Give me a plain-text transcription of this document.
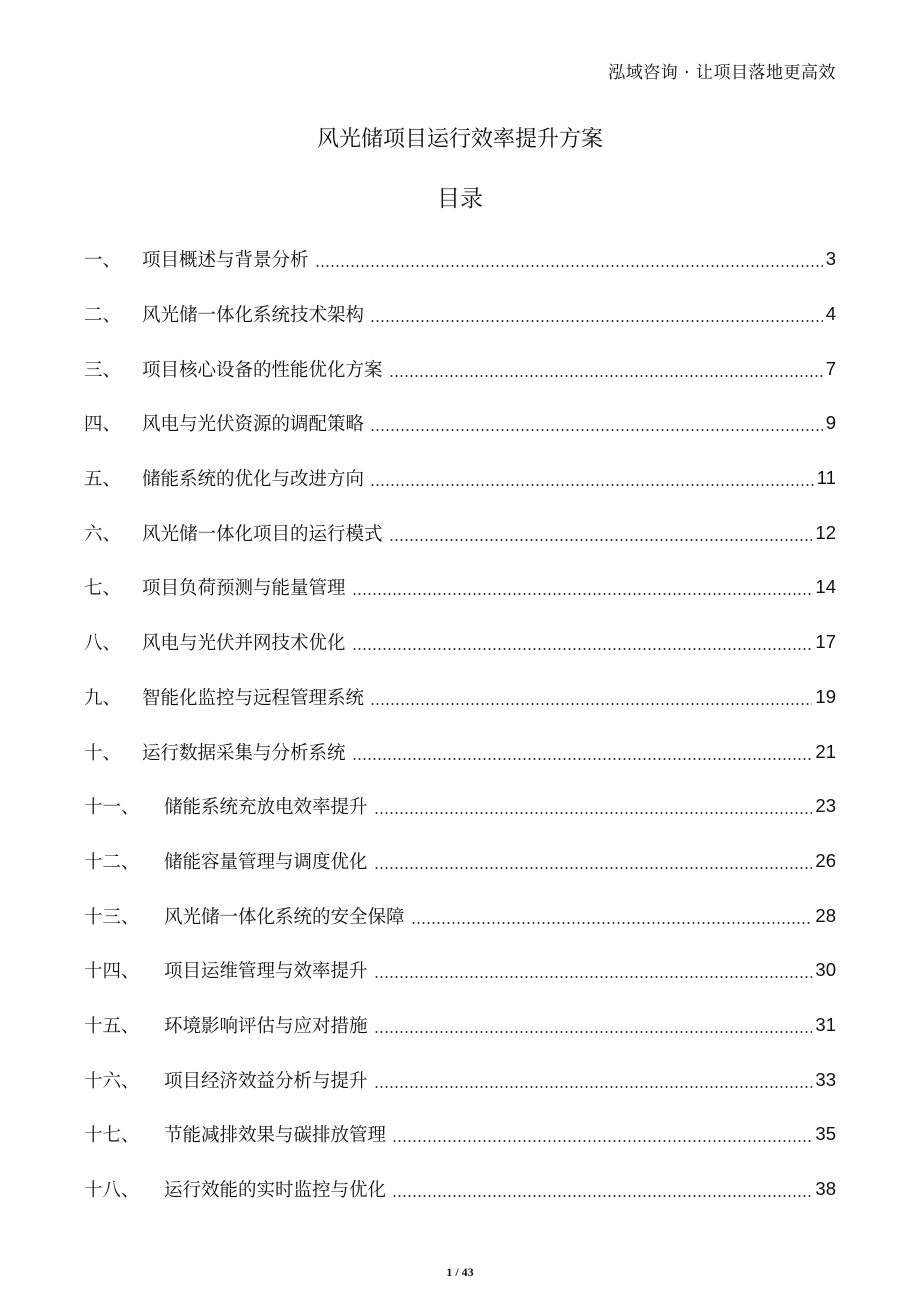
泓域咨询 · 让项目落地更高效
风光储项目运行效率提升方案
目录
一、	项目概述与背景分析	3
二、	风光储一体化系统技术架构	4
三、	项目核心设备的性能优化方案	7
四、	风电与光伏资源的调配策略	9
五、	储能系统的优化与改进方向	11
六、	风光储一体化项目的运行模式	12
七、	项目负荷预测与能量管理	14
八、	风电与光伏并网技术优化	17
九、	智能化监控与远程管理系统	19
十、	运行数据采集与分析系统	21
十一、	储能系统充放电效率提升	23
十二、	储能容量管理与调度优化	26
十三、	风光储一体化系统的安全保障	28
十四、	项目运维管理与效率提升	30
十五、	环境影响评估与应对措施	31
十六、	项目经济效益分析与提升	33
十七、	节能减排效果与碳排放管理	35
十八、	运行效能的实时监控与优化	38
1 / 43
